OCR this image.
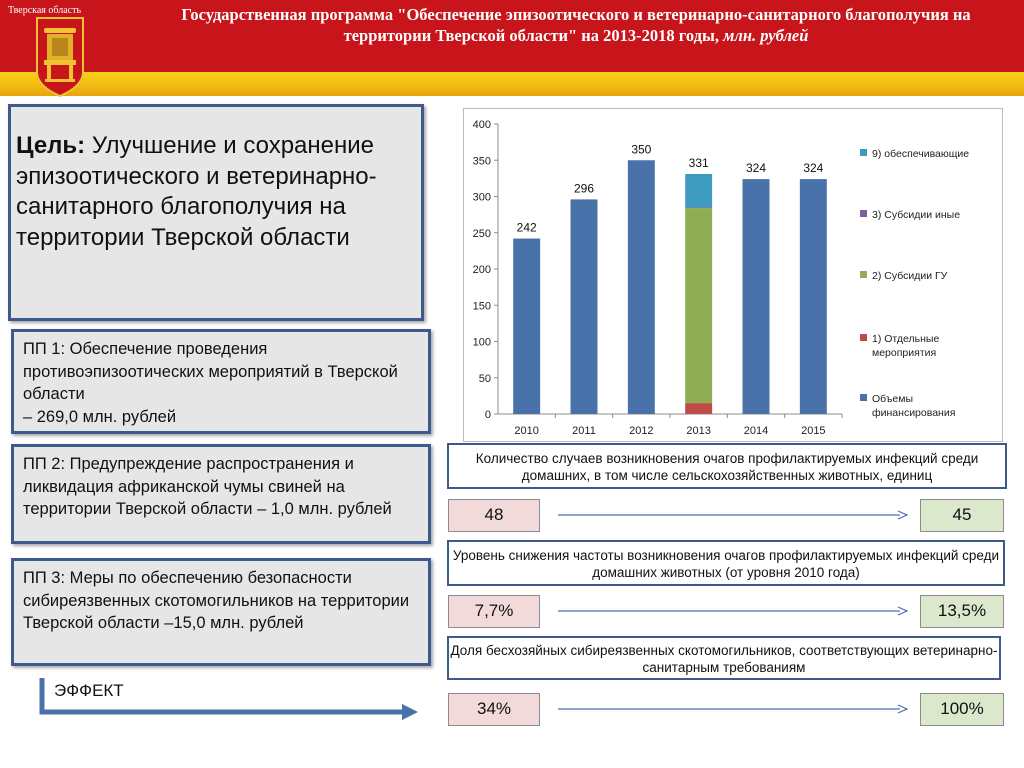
Тверская область	Государственная программа "Обеспечение эпизоотического и ветеринарно-санитарного благополучия на территории Тверской области" на 2013-2018 годы, млн. рублей
Цель: Улучшение и сохранение эпизоотического и ветеринарно-санитарного благополучия на территории Тверской области
ПП 1: Обеспечение проведения противоэпизоотических мероприятий в Тверской области
– 269,0 млн. рублей
ПП 2: Предупреждение распространения и ликвидация африканской чумы свиней на территории Тверской области – 1,0 млн. рублей
ПП 3: Меры по обеспечению безопасности сибиреязвенных скотомогильников на территории Тверской области –15,0 млн. рублей
ЭФФЕКТ
0
50
100
150
200
250
300
350
400
2010
242
2011
296
2012
350
2013
331
2014
324
2015
324
9) обеспечивающие
3) Субсидии иные
2) Субсидии ГУ
1) Отдельные
мероприятия
Объемы
финансирования
Количество случаев возникновения очагов профилактируемых инфекций среди домашних, в том числе сельскохозяйственных животных, единиц
48	45
Уровень снижения частоты возникновения очагов профилактируемых инфекций среди домашних животных (от уровня 2010 года)
7,7%	13,5%
Доля бесхозяйных сибиреязвенных скотомогильников, соответствующих ветеринарно-санитарным требованиям
34%	100%
